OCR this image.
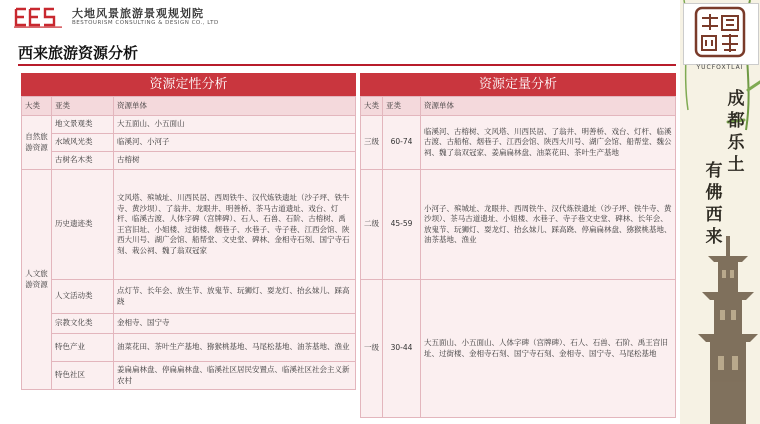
大地风景旅游景观规划院
BESTOURISM CONSULTING & DESIGN CO., LTD
西来旅游资源分析
资源定性分析
大类	亚类	资源单体
自然旅游资源	地文景观类	大五面山、小五面山
	水域风光类	临溪河、小河子
	古树名木类	古榕树
人文旅游资源	历史遗迹类	文风塔、殡城址、川西民居、西周铁牛、汉代炼铁遗址（沙子坪、铁牛寺、黄沙坝）、了翁井、龙眼井、明善桥、茶马古道遗址、戏台、灯杆、临溪古渡、人体字碑（宫牌碑）、石人、石兽、石阶、古榕树、禹王宫旧址、小姐楼、过街楼、烟巷子、水巷子、寺子巷、江西会馆、陕西大川号、湖广会馆、船帮堂、文史堂、碑林、金相寺石刻、国宁寺石刻、栽公祠、魏了翁双冠家
	人文活动类	点灯节、长年会、放生节、放鬼节、玩狮灯、耍龙灯、抬幺妹儿、踩高跷
	宗教文化类	金相寺、国宁寺
	特色产业	油菜花田、茶叶生产基地、猕猴桃基地、马尾松基地、油茶基地、渔业
	特色社区	姜扁扁林盘、停扁扁林盘、临溪社区居民安置点、临溪社区社会主义新农村
资源定量分析
大类	亚类	资源单体
三级	60-74	临溪河、古榕树、文风塔、川西民居、了翁井、明善桥、戏台、灯杆、临溪古渡、古船棺、烟巷子、江西会馆、陕西大川号、湖广会馆、船帮堂、魏公祠、魏了翁双冠家、姜扁扁林盘、油菜花田、茶叶生产基地
二级	45-59	小河子、殡城址、龙眼井、西周铁牛、汉代炼铁遗址（沙子坪、铁牛寺、黄沙坝）、茶马古道遗址、小姐楼、水巷子、寺子巷文史堂、碑林、长年会、放鬼节、玩狮灯、耍龙灯、抬幺妹儿、踩高跷、停扁扁林盘、猕猴桃基地、油茶基地、渔业
一级	30-44	大五面山、小五面山、人体字碑（宫牌碑）、石人、石兽、石阶、禹王宫旧址、过街楼、金相寺石刻、国宁寺石刻、金相寺、国宁寺、马尾松基地
YUCFOXTLAI
成都乐土
有佛西来
